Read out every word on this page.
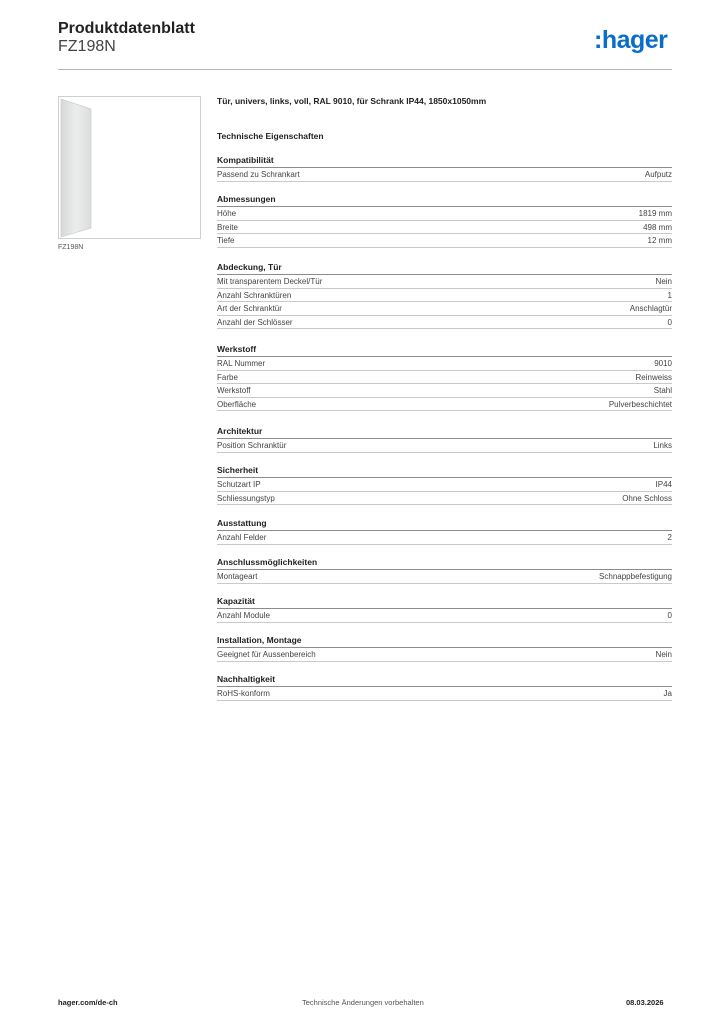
Produktdatenblatt
FZ198N	:hager
FZ198N
Tür, univers, links, voll, RAL 9010, für Schrank IP44, 1850x1050mm
Technische Eigenschaften
Kompatibilität
Passend zu Schrankart	Aufputz
Abmessungen
Höhe	1819 mm
Breite	498 mm
Tiefe	12 mm
Abdeckung, Tür
Mit transparentem Deckel/Tür	Nein
Anzahl Schranktüren	1
Art der Schranktür	Anschlagtür
Anzahl der Schlösser	0
Werkstoff
RAL Nummer	9010
Farbe	Reinweiss
Werkstoff	Stahl
Oberfläche	Pulverbeschichtet
Architektur
Position Schranktür	Links
Sicherheit
Schutzart IP	IP44
Schliessungstyp	Ohne Schloss
Ausstattung
Anzahl Felder	2
Anschlussmöglichkeiten
Montageart	Schnappbefestigung
Kapazität
Anzahl Module	0
Installation, Montage
Geeignet für Aussenbereich	Nein
Nachhaltigkeit
RoHS-konform	Ja
hager.com/de-ch	Technische Änderungen vorbehalten	08.03.2026
